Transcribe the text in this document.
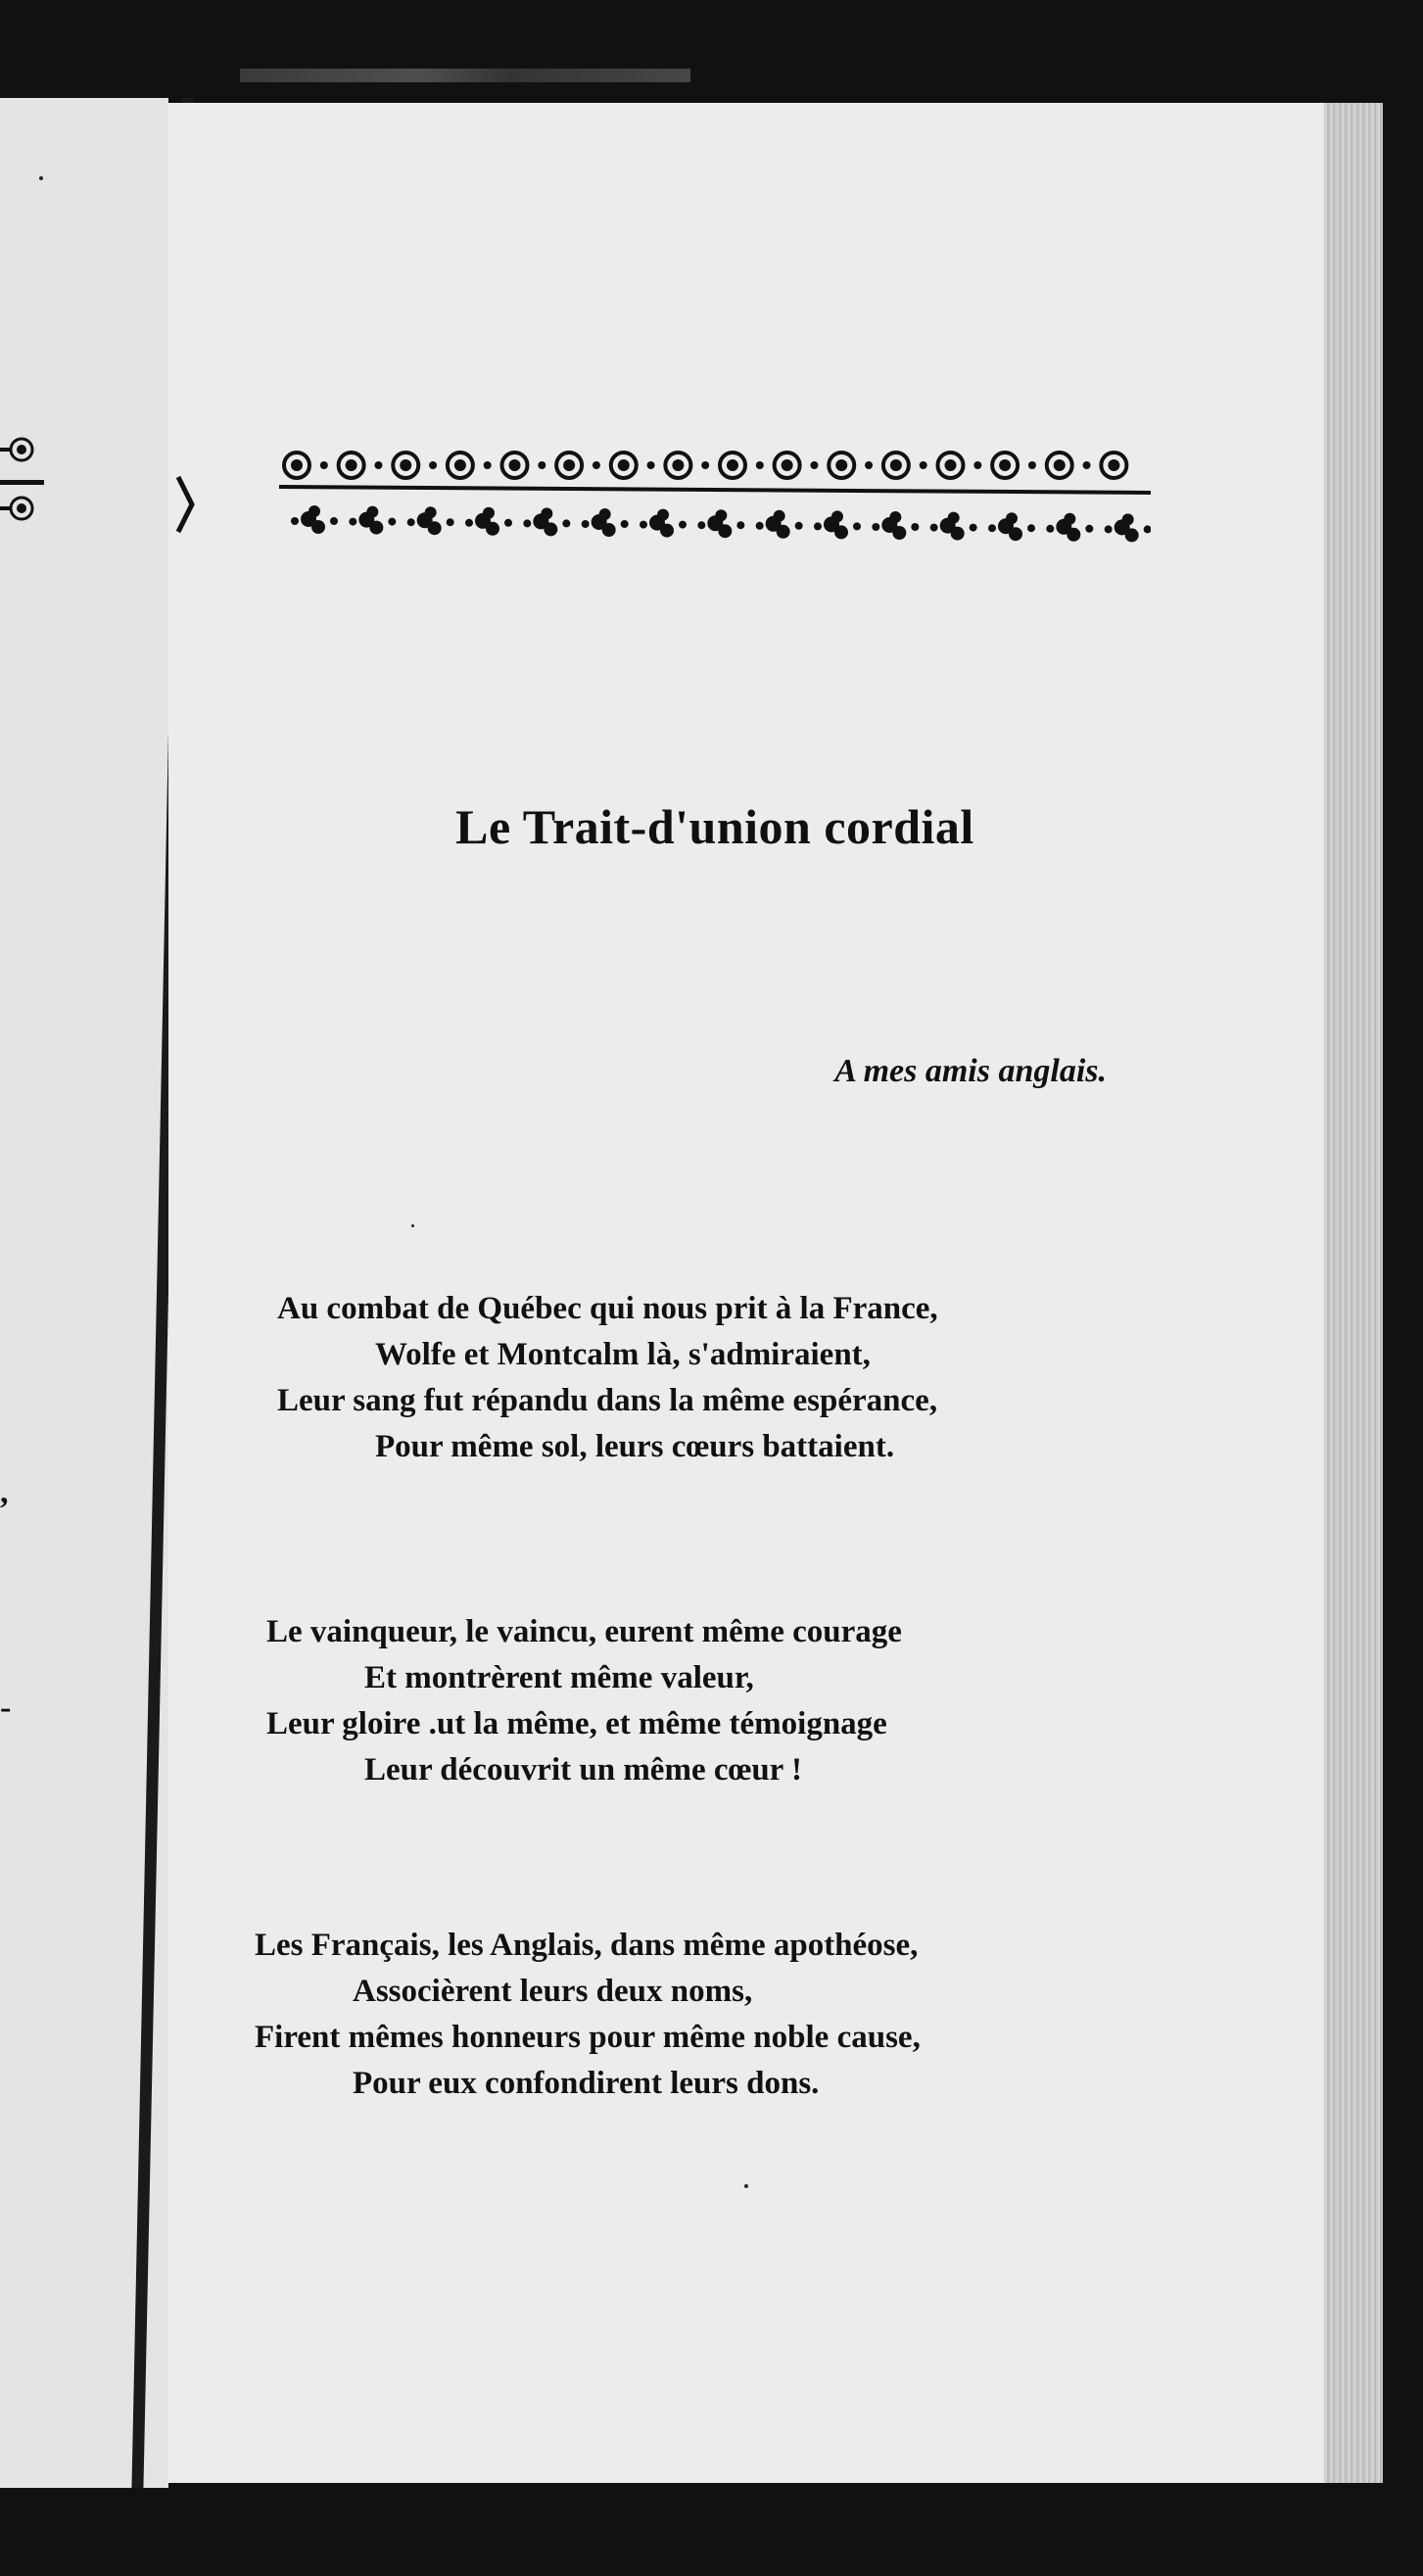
,
-
Le Trait-d'union cordial
A mes amis anglais.
Au combat de Québec qui nous prit à la France,
Wolfe et Montcalm là, s'admiraient,
Leur sang fut répandu dans la même espérance,
Pour même sol, leurs cœurs battaient.
Le vainqueur, le vaincu, eurent même courage
Et montrèrent même valeur,
Leur gloire .ut la même, et même témoignage
Leur découvrit un même cœur !
Les Français, les Anglais, dans même apothéose,
Associèrent leurs deux noms,
Firent mêmes honneurs pour même noble cause,
Pour eux confondirent leurs dons.
